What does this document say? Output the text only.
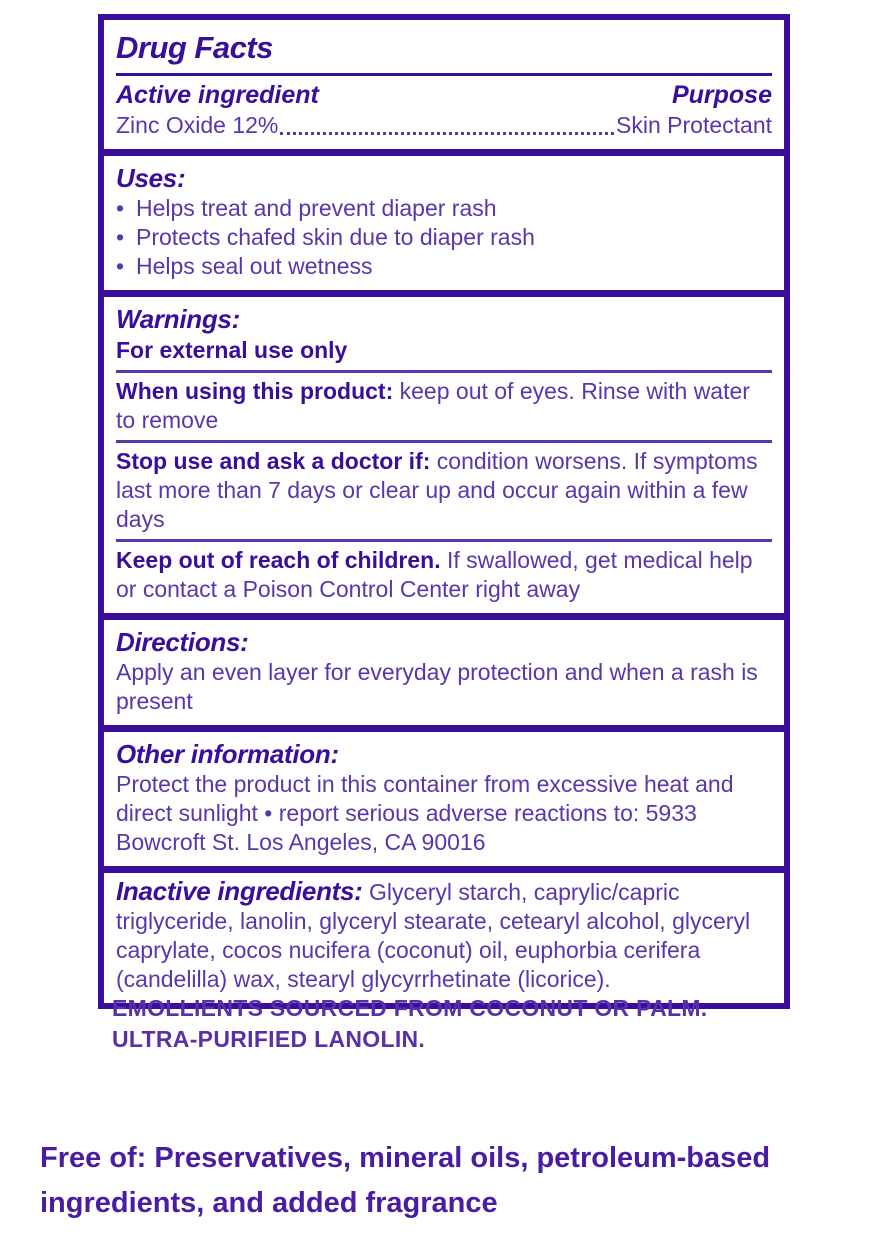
Drug Facts
Active ingredient	Purpose
Zinc Oxide 12%	Skin Protectant
Uses:
• Helps treat and prevent diaper rash
• Protects chafed skin due to diaper rash
• Helps seal out wetness
Warnings:

For external use only

When using this product: keep out of eyes. Rinse with water to remove

Stop use and ask a doctor if: condition worsens. If symptoms last more than 7 days or clear up and occur again within a few days

Keep out of reach of children. If swallowed, get medical help or contact a Poison Control Center right away

Directions:

Apply an even layer for everyday protection and when a rash is present

Other information:

Protect the product in this container from excessive heat and direct sunlight • report serious adverse reactions to: 5933 Bowcroft St. Los Angeles, CA 90016

Inactive ingredients: Glyceryl starch, caprylic/capric triglyceride, lanolin, glyceryl stearate, cetearyl alcohol, glyceryl caprylate, cocos nucifera (coconut) oil, euphorbia cerifera (candelilla) wax, stearyl glycyrrhetinate (licorice).

EMOLLIENTS SOURCED FROM COCONUT OR PALM.
ULTRA-PURIFIED LANOLIN.
Free of: Preservatives, mineral oils, petroleum-based ingredients, and added fragrance
